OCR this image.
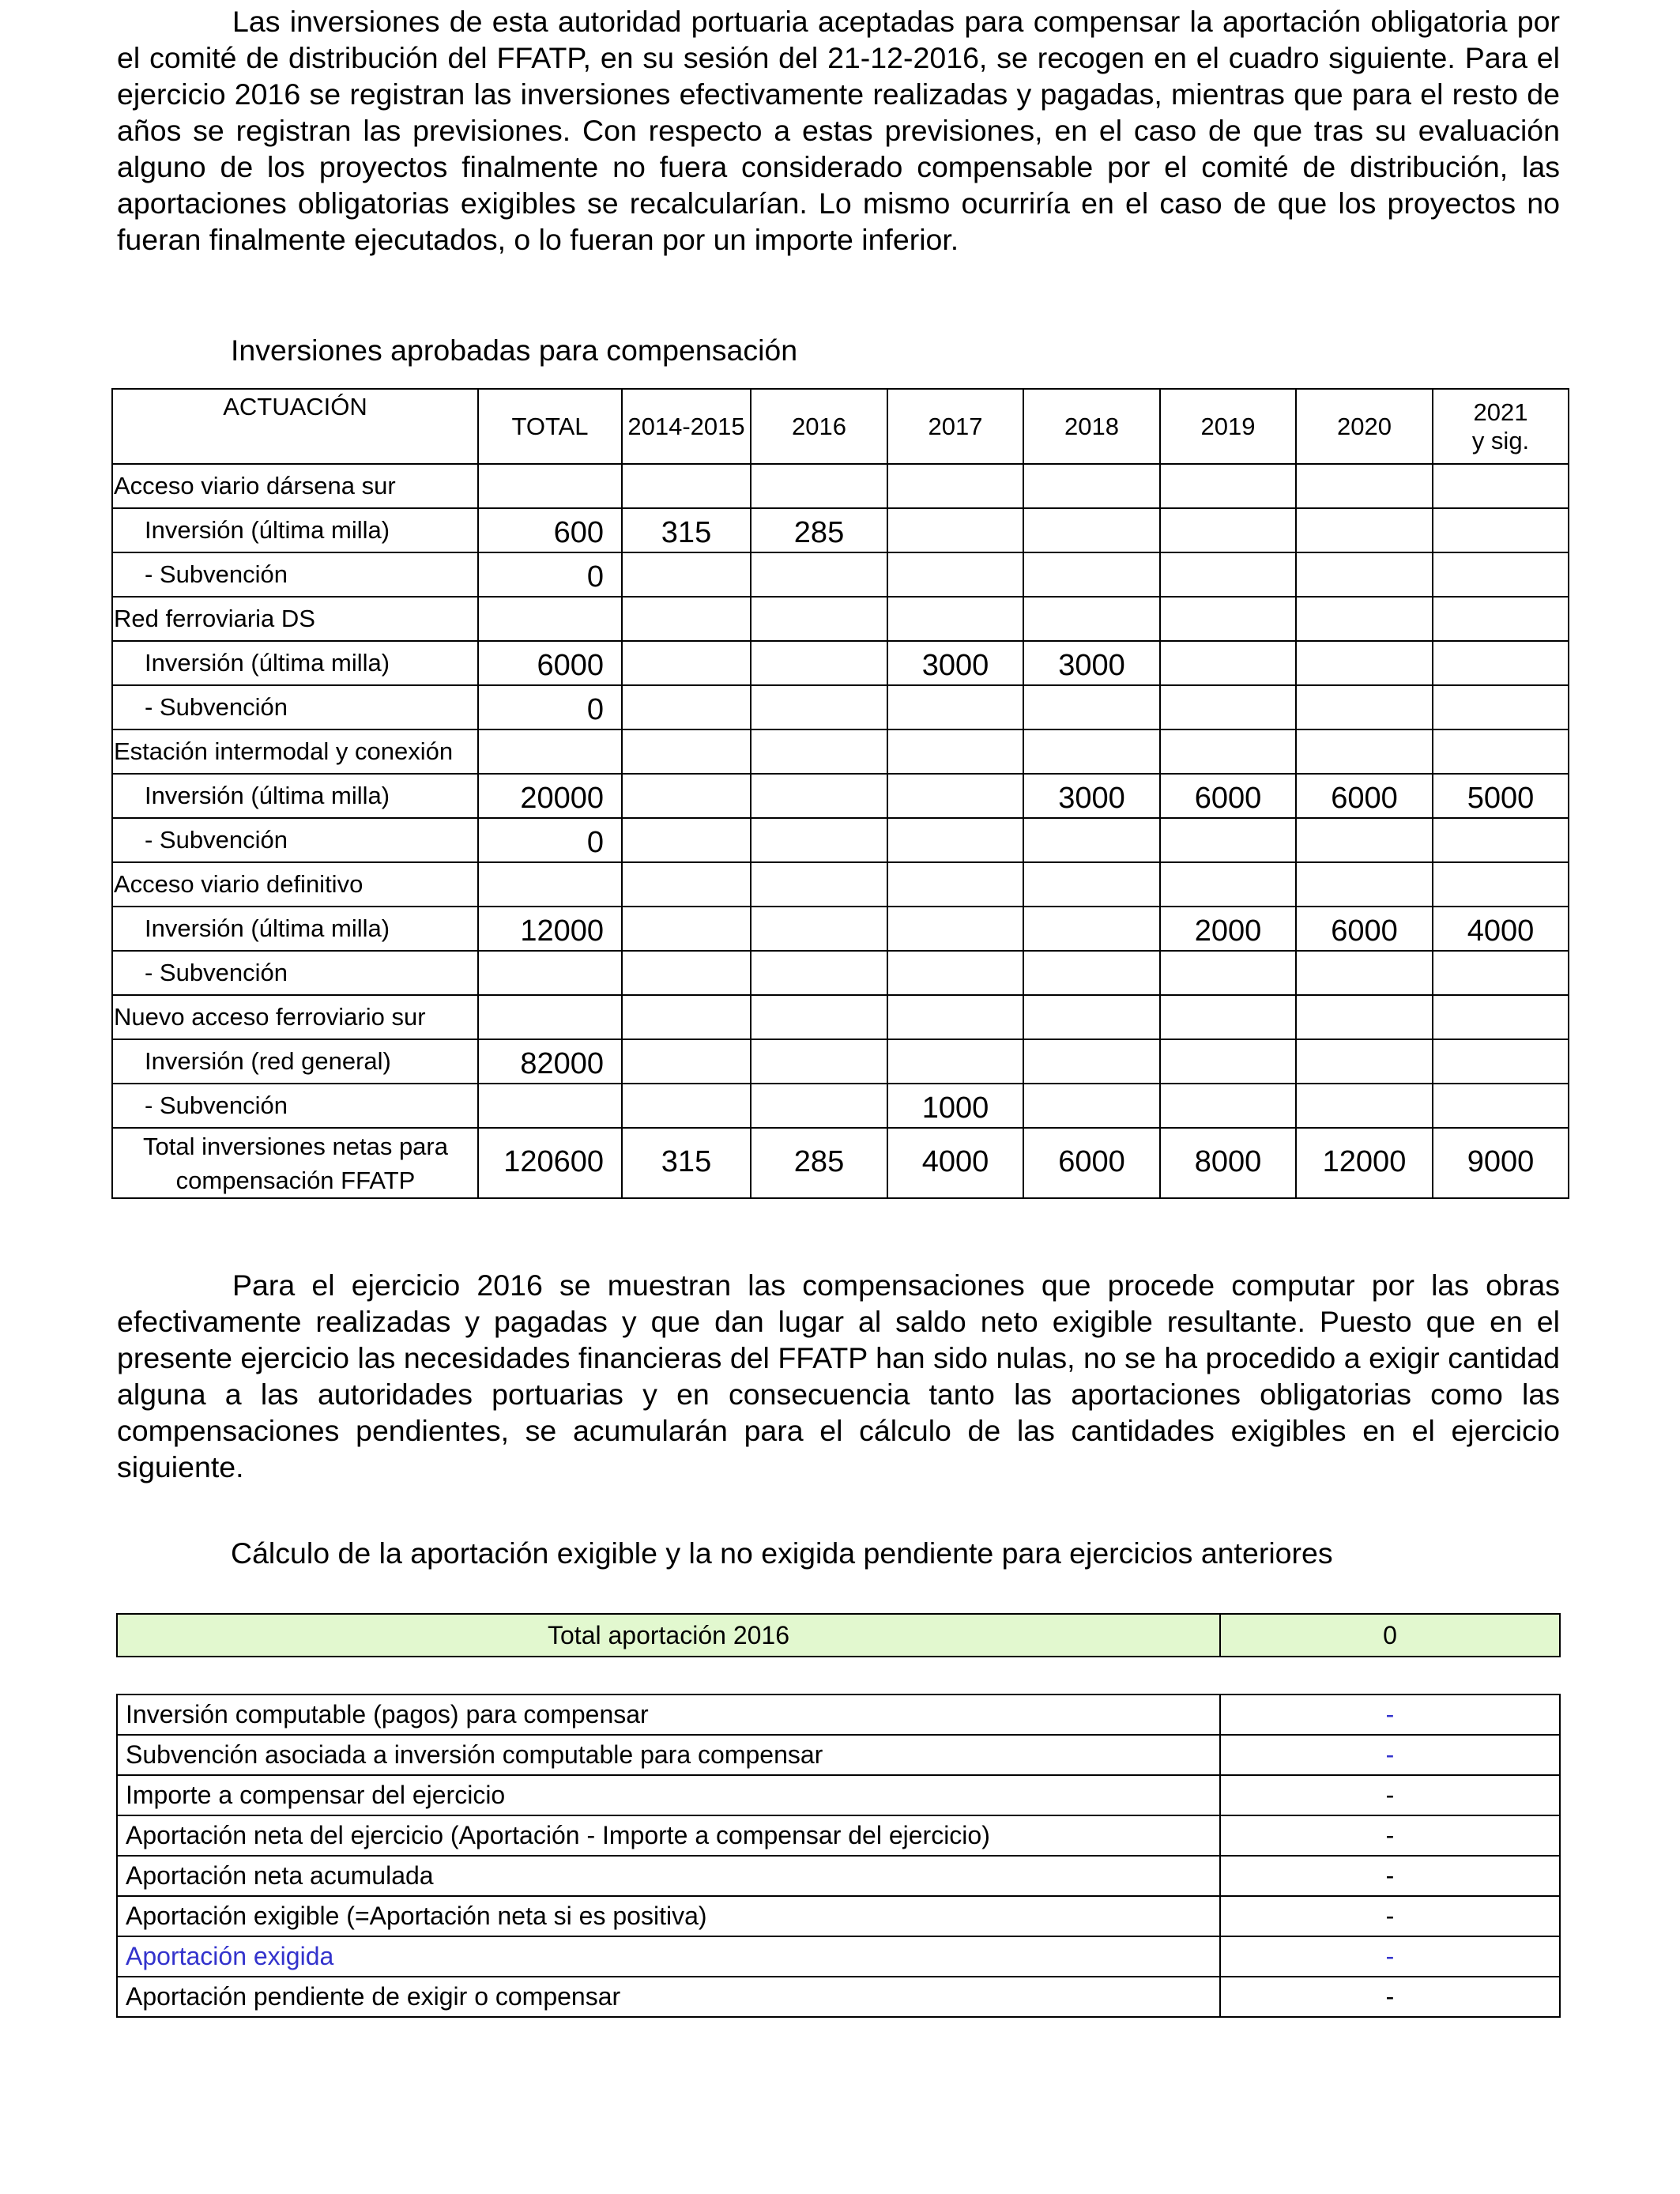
Las inversiones de esta autoridad portuaria aceptadas para compensar la aportación obligatoria por el comité de distribución del FFATP, en su sesión del 21-12-2016, se recogen en el cuadro siguiente. Para el ejercicio 2016 se registran las inversiones efectivamente realizadas y pagadas, mientras que para el resto de años se registran las previsiones. Con respecto a estas previsiones, en el caso de que tras su evaluación alguno de los proyectos finalmente no fuera considerado compensable por el comité de distribución, las aportaciones obligatorias exigibles se recalcularían. Lo mismo ocurriría en el caso de que los proyectos no fueran finalmente ejecutados, o lo fueran por un importe inferior.

Inversiones aprobadas para compensación

ACTUACIÓN	TOTAL	2014-2015	2016	2017	2018	2019	2020	2021
y sig.
Acceso viario dársena sur								
Inversión (última milla)	600	315	285					
- Subvención	0							
Red ferroviaria DS								
Inversión (última milla)	6000			3000	3000			
- Subvención	0							
Estación intermodal y conexión								
Inversión (última milla)	20000				3000	6000	6000	5000
- Subvención	0							
Acceso viario definitivo								
Inversión (última milla)	12000					2000	6000	4000
- Subvención								
Nuevo acceso ferroviario sur								
Inversión (red general)	82000							
- Subvención				1000				
Total inversiones netas para
compensación FFATP	120600	315	285	4000	6000	8000	12000	9000

Para el ejercicio 2016 se muestran las compensaciones que procede computar por las obras efectivamente realizadas y pagadas y que dan lugar al saldo neto exigible resultante. Puesto que en el presente ejercicio las necesidades financieras del FFATP han sido nulas, no se ha procedido a exigir cantidad alguna a las autoridades portuarias y en consecuencia tanto las aportaciones obligatorias como las compensaciones pendientes, se acumularán para el cálculo de las cantidades exigibles en el ejercicio siguiente.

Cálculo de la aportación exigible y la no exigida pendiente para ejercicios anteriores

Total aportación 2016	0
Inversión computable (pagos) para compensar	-
Subvención asociada a inversión computable para compensar	-
Importe a compensar del ejercicio	-
Aportación neta del ejercicio (Aportación - Importe a compensar del ejercicio)	-
Aportación neta acumulada	-
Aportación exigible (=Aportación neta si es positiva)	-
Aportación exigida	-
Aportación pendiente de exigir o compensar	-
